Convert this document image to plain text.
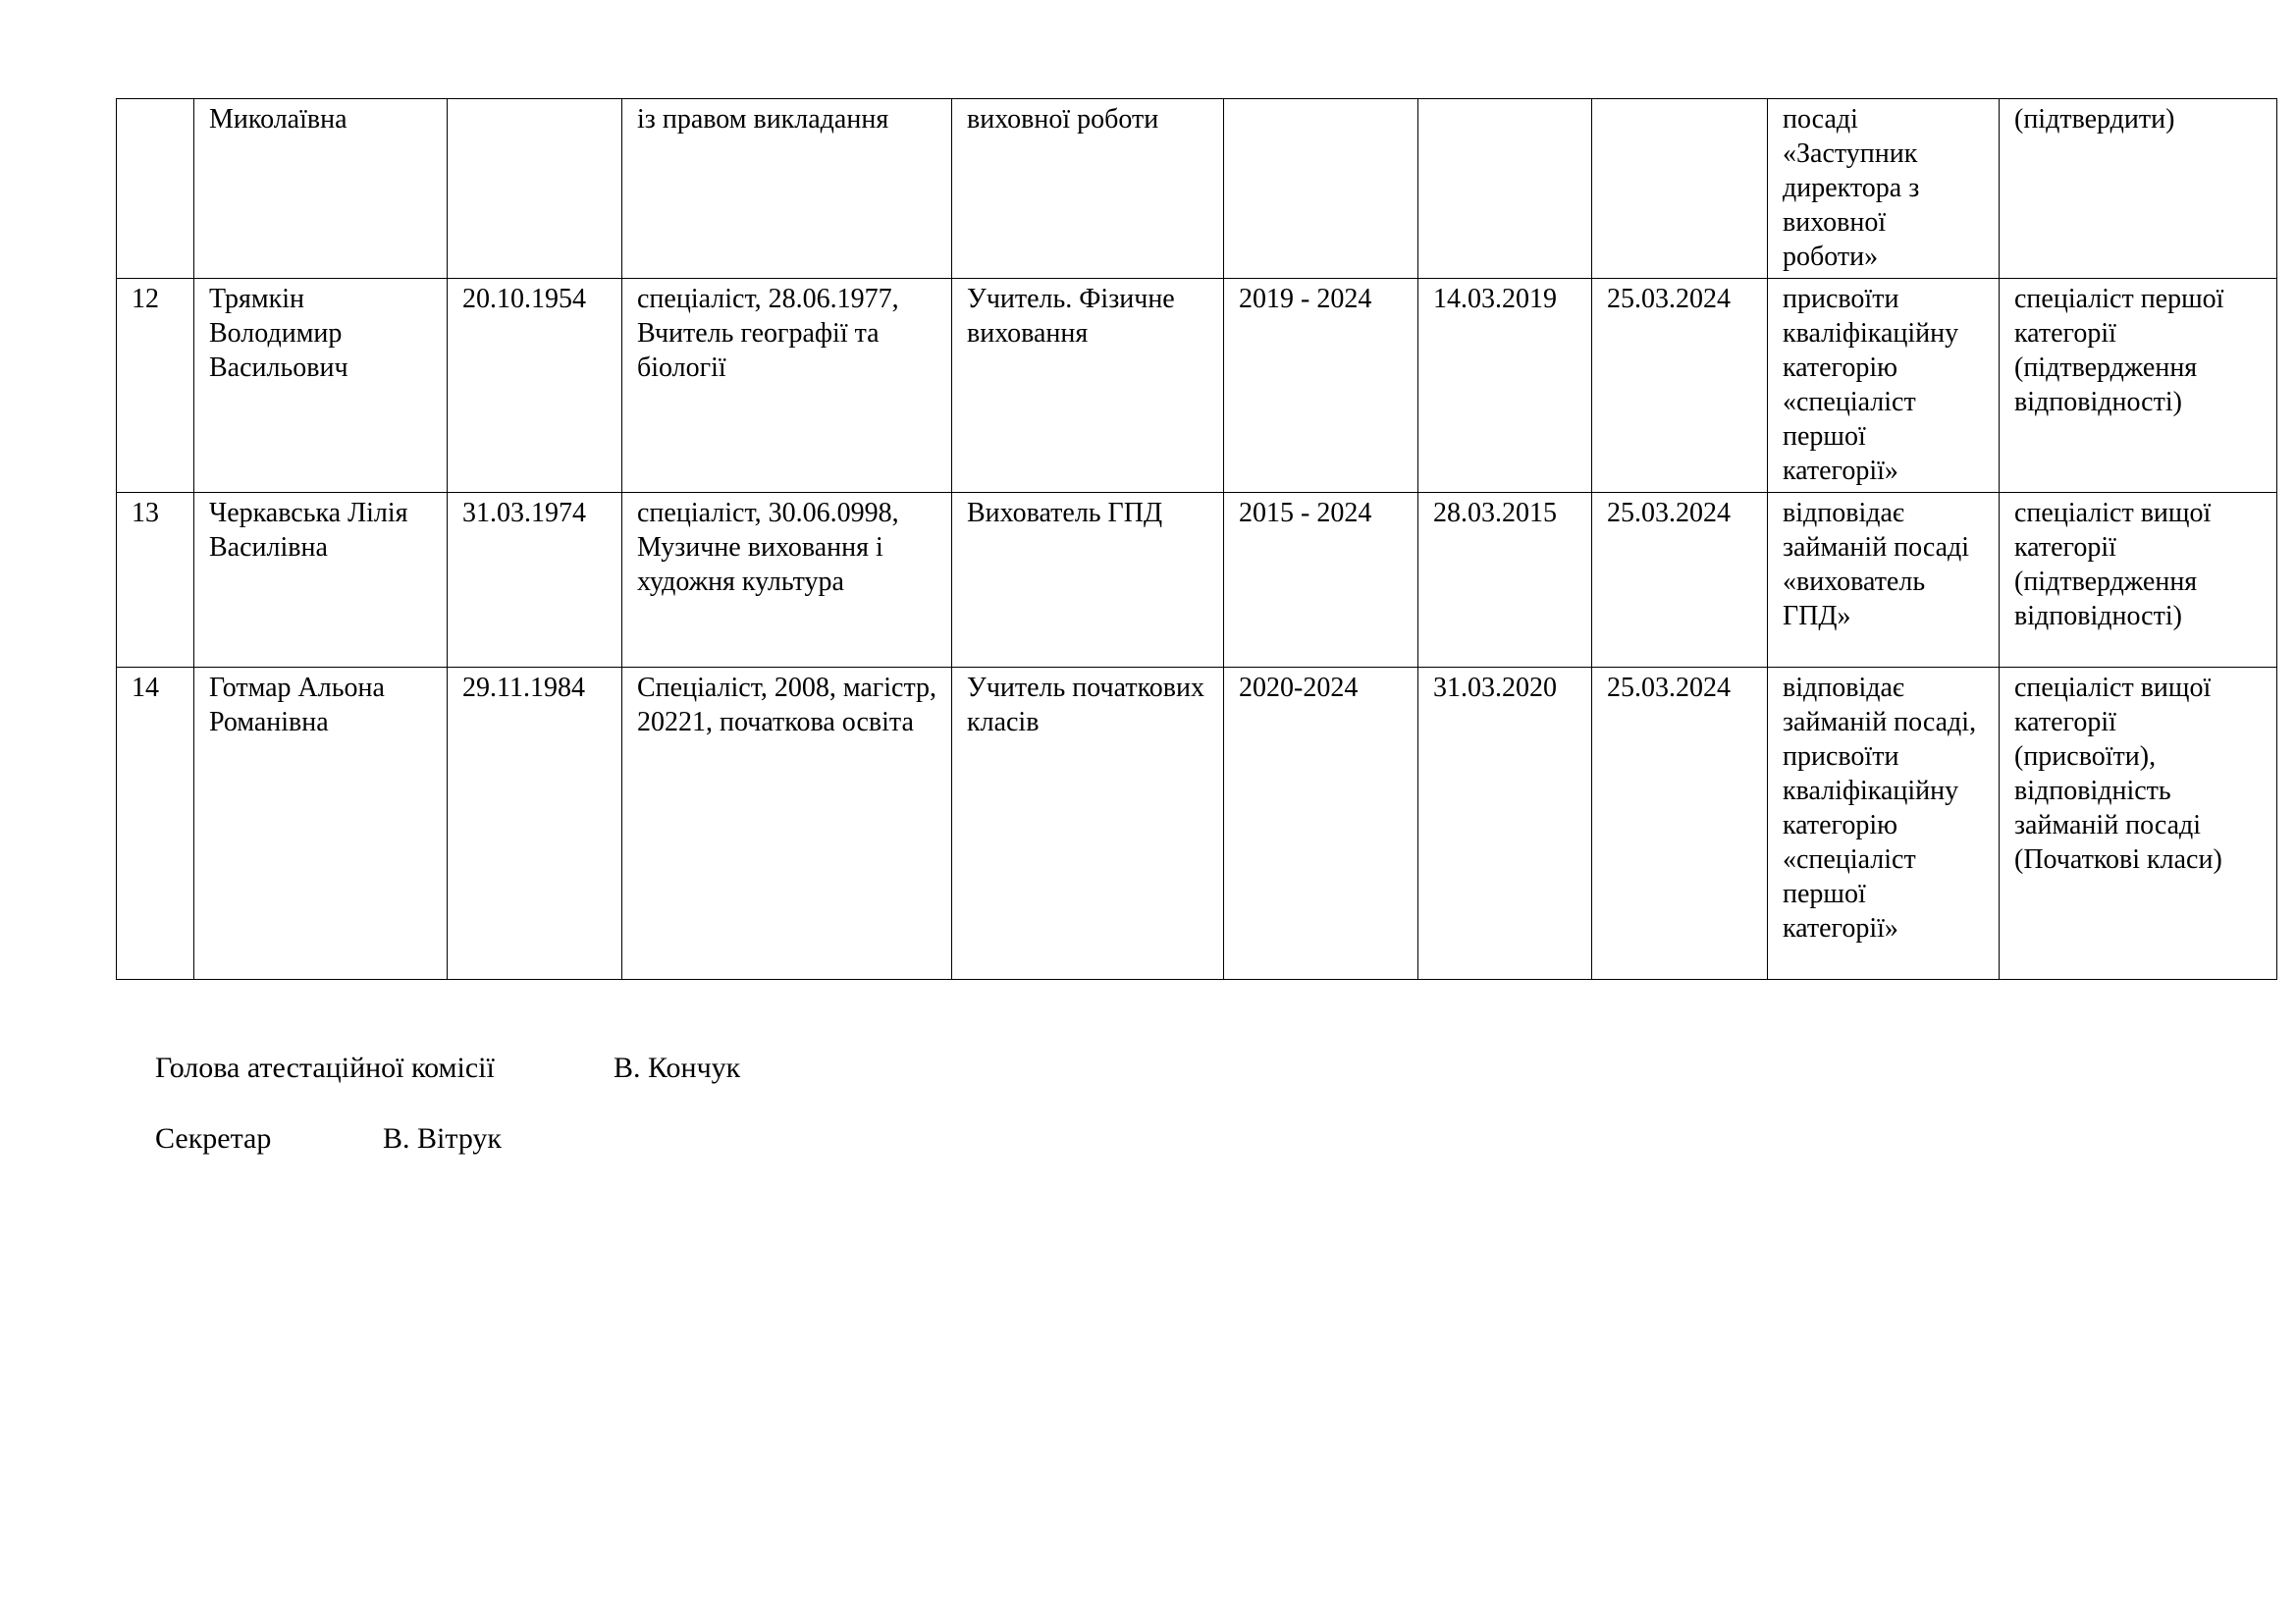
	Миколаївна		із правом викладання	виховної роботи				посаді «Заступник директора з виховної роботи»	(підтвердити)
12	Трямкін Володимир Васильович	20.10.1954	спеціаліст, 28.06.1977, Вчитель географії та біології	Учитель. Фізичне виховання	2019 - 2024	14.03.2019	25.03.2024	присвоїти кваліфікаційну категорію «спеціаліст першої категорії»	спеціаліст першої категорії (підтвердження відповідності)
13	Черкавська Лілія Василівна	31.03.1974	спеціаліст, 30.06.0998, Музичне виховання і художня культура	Вихователь ГПД	2015 - 2024	28.03.2015	25.03.2024	відповідає займаній посаді «вихователь ГПД»	спеціаліст вищої категорії (підтвердження відповідності)
14	Готмар Альона Романівна	29.11.1984	Спеціаліст, 2008, магістр, 20221, початкова освіта	Учитель початкових класів	2020-2024	31.03.2020	25.03.2024	відповідає займаній посаді, присвоїти кваліфікаційну категорію «спеціаліст першої категорії»	спеціаліст вищої категорії (присвоїти), відповідність займаній посаді (Початкові класи)
Голова атестаційної комісії	В. Кончук
Секретар	В. Вітрук
